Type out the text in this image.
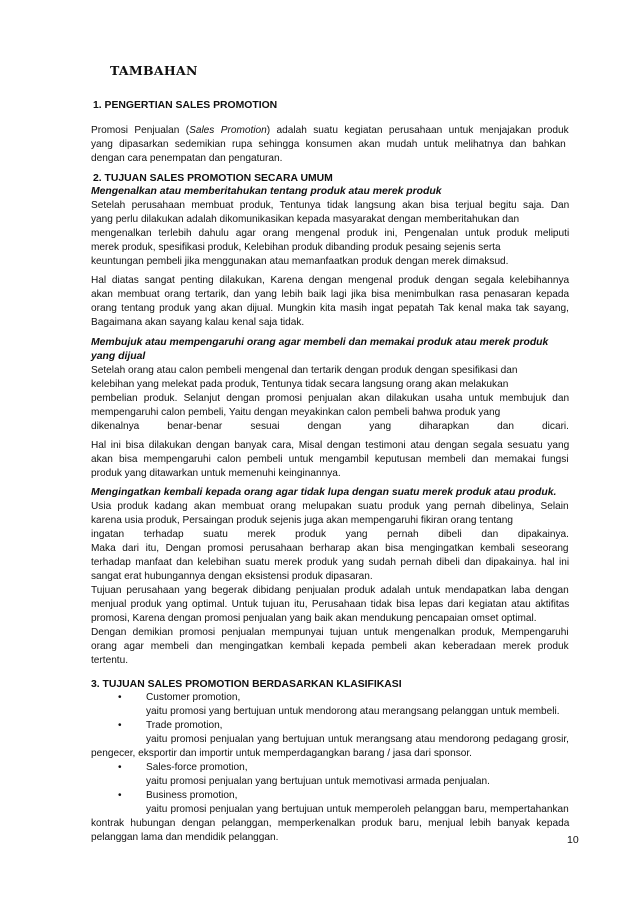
TAMBAHAN
1. PENGERTIAN SALES PROMOTION
Promosi Penjualan (Sales Promotion) adalah suatu kegiatan perusahaan untuk menjajakan produk
yang dipasarkan sedemikian rupa sehingga konsumen akan mudah untuk melihatnya dan bahkan
dengan cara penempatan dan pengaturan.
2. TUJUAN SALES PROMOTION SECARA UMUM
Mengenalkan atau memberitahukan tentang produk atau merek produk
Setelah perusahaan membuat produk, Tentunya tidak langsung akan bisa terjual begitu saja. Dan
yang perlu dilakukan adalah dikomunikasikan kepada masyarakat dengan memberitahukan dan
mengenalkan terlebih dahulu agar orang mengenal produk ini, Pengenalan untuk produk meliputi
merek produk, spesifikasi produk, Kelebihan produk dibanding produk pesaing sejenis serta
keuntungan pembeli jika menggunakan atau memanfaatkan produk dengan merek dimaksud.
Hal diatas sangat penting dilakukan, Karena dengan mengenal produk dengan segala kelebihannya
akan membuat orang tertarik, dan yang lebih baik lagi jika bisa menimbulkan rasa penasaran kepada
orang tentang produk yang akan dijual. Mungkin kita masih ingat pepatah Tak kenal maka tak sayang,
Bagaimana akan sayang kalau kenal saja tidak.
Membujuk atau mempengaruhi orang agar membeli dan memakai produk atau merek produk
yang dijual
Setelah orang atau calon pembeli mengenal dan tertarik dengan produk dengan spesifikasi dan
kelebihan yang melekat pada produk, Tentunya tidak secara langsung orang akan melakukan
pembelian produk. Selanjut dengan promosi penjualan akan dilakukan usaha untuk membujuk dan
mempengaruhi calon pembeli, Yaitu dengan meyakinkan calon pembeli bahwa produk yang
dikenalnya	benar-benar	sesuai	dengan	yang	diharapkan	dan	dicari.
Hal ini bisa dilakukan dengan banyak cara, Misal dengan testimoni atau dengan segala sesuatu yang
akan bisa mempengaruhi calon pembeli untuk mengambil keputusan membeli dan memakai fungsi
produk yang ditawarkan untuk memenuhi keinginannya.
Mengingatkan kembali kepada orang agar tidak lupa dengan suatu merek produk atau produk.
Usia produk kadang akan membuat orang melupakan suatu produk yang pernah dibelinya, Selain
karena usia produk, Persaingan produk sejenis juga akan mempengaruhi fikiran orang tentang
ingatan terhadap suatu merek produk yang pernah dibeli dan dipakainya.
Maka dari itu, Dengan promosi perusahaan berharap akan bisa mengingatkan kembali seseorang
terhadap manfaat dan kelebihan suatu merek produk yang sudah pernah dibeli dan dipakainya. hal ini
sangat erat hubungannya dengan eksistensi produk dipasaran.
Tujuan perusahaan yang begerak dibidang penjualan produk adalah untuk mendapatkan laba dengan
menjual produk yang optimal. Untuk tujuan itu, Perusahaan tidak bisa lepas dari kegiatan atau aktifitas
promosi, Karena dengan promosi penjualan yang baik akan mendukung pencapaian omset optimal.
Dengan demikian promosi penjualan mempunyai tujuan untuk mengenalkan produk, Mempengaruhi
orang agar membeli dan mengingatkan kembali kepada pembeli akan keberadaan merek produk
tertentu.
3. TUJUAN SALES PROMOTION BERDASARKAN KLASIFIKASI
• Customer promotion,
yaitu promosi yang bertujuan untuk mendorong atau merangsang pelanggan untuk membeli.
• Trade promotion,
yaitu promosi penjualan yang bertujuan untuk merangsang atau mendorong pedagang grosir,
pengecer, eksportir dan importir untuk memperdagangkan barang / jasa dari sponsor.
• Sales-force promotion,
yaitu promosi penjualan yang bertujuan untuk memotivasi armada penjualan.
• Business promotion,
yaitu promosi penjualan yang bertujuan untuk memperoleh pelanggan baru, mempertahankan
kontrak hubungan dengan pelanggan, memperkenalkan produk baru, menjual lebih banyak kepada
pelanggan lama dan mendidik pelanggan.	10
